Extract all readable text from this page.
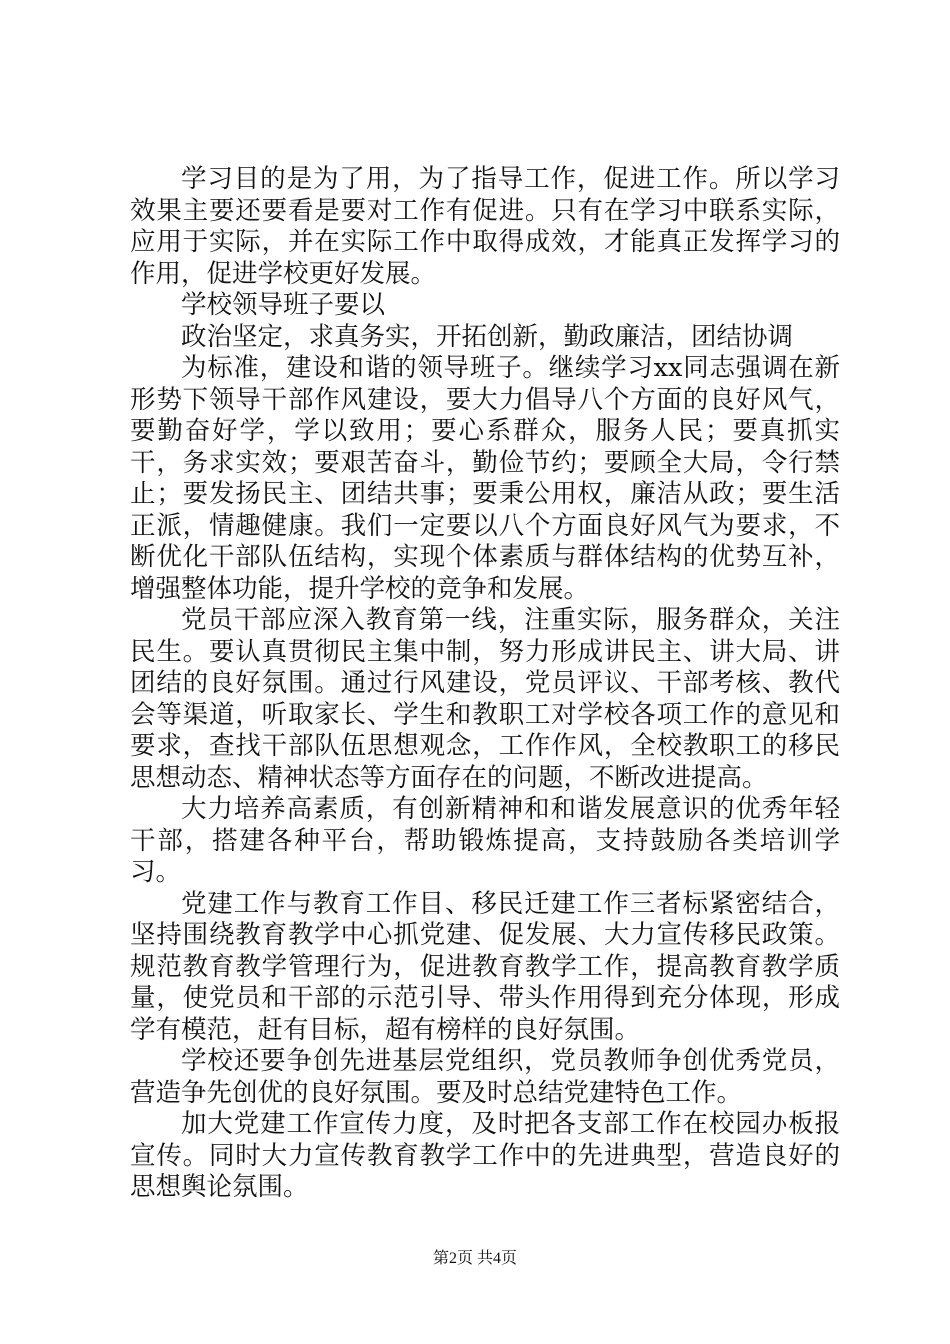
学习目的是为了用，为了指导工作，促进工作。所以学习效果主要还要看是要对工作有促进。只有在学习中联系实际，应用于实际，并在实际工作中取得成效，才能真正发挥学习的作用，促进学校更好发展。

学校领导班子要以

政治坚定，求真务实，开拓创新，勤政廉洁，团结协调

为标准，建设和谐的领导班子。继续学习xx同志强调在新形势下领导干部作风建设，要大力倡导八个方面的良好风气，要勤奋好学，学以致用；要心系群众，服务人民；要真抓实干，务求实效；要艰苦奋斗，勤俭节约；要顾全大局，令行禁止；要发扬民主、团结共事；要秉公用权，廉洁从政；要生活正派，情趣健康。我们一定要以八个方面良好风气为要求，不断优化干部队伍结构，实现个体素质与群体结构的优势互补，增强整体功能，提升学校的竞争和发展。

党员干部应深入教育第一线，注重实际，服务群众，关注民生。要认真贯彻民主集中制，努力形成讲民主、讲大局、讲团结的良好氛围。通过行风建设，党员评议、干部考核、教代会等渠道，听取家长、学生和教职工对学校各项工作的意见和要求，查找干部队伍思想观念，工作作风，全校教职工的移民思想动态、精神状态等方面存在的问题，不断改进提高。

大力培养高素质，有创新精神和和谐发展意识的优秀年轻干部，搭建各种平台，帮助锻炼提高，支持鼓励各类培训学习。

党建工作与教育工作目、移民迁建工作三者标紧密结合，坚持围绕教育教学中心抓党建、促发展、大力宣传移民政策。规范教育教学管理行为，促进教育教学工作，提高教育教学质量，使党员和干部的示范引导、带头作用得到充分体现，形成学有模范，赶有目标，超有榜样的良好氛围。

学校还要争创先进基层党组织，党员教师争创优秀党员，营造争先创优的良好氛围。要及时总结党建特色工作。

加大党建工作宣传力度，及时把各支部工作在校园办板报宣传。同时大力宣传教育教学工作中的先进典型，营造良好的思想舆论氛围。

第2页 共4页
